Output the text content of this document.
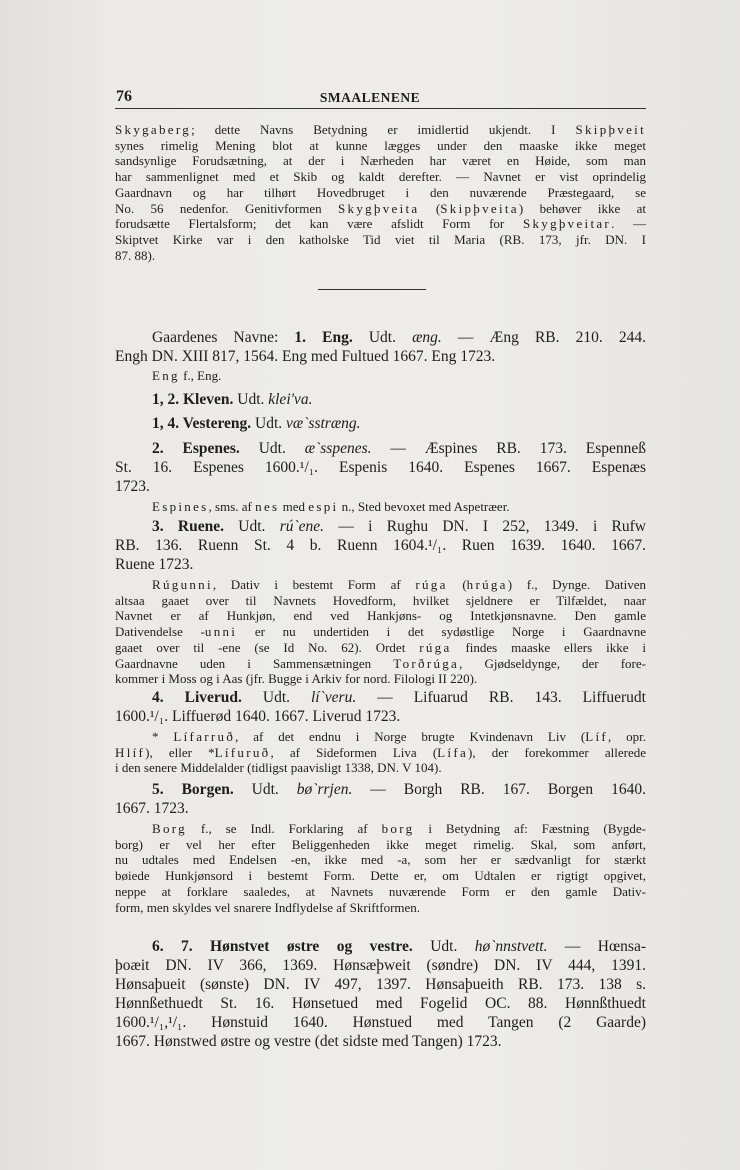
76	SMAALENENE
Skygaberg; dette Navns Betydning er imidlertid ukjendt. I Skipþveit
synes rimelig Mening blot at kunne lægges under den maaske ikke meget
sandsynlige Forudsætning, at der i Nærheden har været en Høide, som man
har sammenlignet med et Skib og kaldt derefter. — Navnet er vist oprindelig
Gaardnavn og har tilhørt Hovedbruget i den nuværende Præstegaard, se
No. 56 nedenfor. Genitivformen Skygþveita (Skipþveita) behøver ikke at
forudsætte Flertalsform; det kan være afslidt Form for Skygþveitar. —
Skiptvet Kirke var i den katholske Tid viet til Maria (RB. 173, jfr. DN. I
87. 88).
Gaardenes Navne: 1. Eng. Udt. æng. — Æng RB. 210. 244.
Engh DN. XIII 817, 1564. Eng med Fultued 1667. Eng 1723.
Eng f., Eng.
1, 2. Kleven. Udt. klei'va.
1, 4. Vestereng. Udt. væ`sstræng.
2. Espenes. Udt. æ`sspenes. — Æspines RB. 173. Espenneß
St. 16. Espenes 1600.¹/₁. Espenis 1640. Espenes 1667. Espenæs
1723.
Espines, sms. af nes med espi n., Sted bevoxet med Aspetræer.
3. Ruene. Udt. rú`ene. — i Rughu DN. I 252, 1349. i Rufw
RB. 136. Ruenn St. 4 b. Ruenn 1604.¹/₁. Ruen 1639. 1640. 1667.
Ruene 1723.
Rúgunni, Dativ i bestemt Form af rúga (hrúga) f., Dynge. Dativen
altsaa gaaet over til Navnets Hovedform, hvilket sjeldnere er Tilfældet, naar
Navnet er af Hunkjøn, end ved Hankjøns- og Intetkjønsnavne. Den gamle
Dativendelse -unni er nu undertiden i det sydøstlige Norge i Gaardnavne
gaaet over til -ene (se Id No. 62). Ordet rúga findes maaske ellers ikke i
Gaardnavne uden i Sammensætningen Torðrúga, Gjødseldynge, der fore-
kommer i Moss og i Aas (jfr. Bugge i Arkiv for nord. Filologi II 220).
4. Liverud. Udt. lí`veru. — Lifuarud RB. 143. Liffuerudt
1600.¹/₁. Liffuerød 1640. 1667. Liverud 1723.
* Lífarruð, af det endnu i Norge brugte Kvindenavn Liv (Líf, opr.
Hlíf), eller *Lífuruð, af Sideformen Liva (Lífa), der forekommer allerede
i den senere Middelalder (tidligst paavisligt 1338, DN. V 104).
5. Borgen. Udt. bø`rrjen. — Borgh RB. 167. Borgen 1640.
1667. 1723.
Borg f., se Indl. Forklaring af borg i Betydning af: Fæstning (Bygde-
borg) er vel her efter Beliggenheden ikke meget rimelig. Skal, som anført,
nu udtales med Endelsen -en, ikke med -a, som her er sædvanligt for stærkt
bøiede Hunkjønsord i bestemt Form. Dette er, om Udtalen er rigtigt opgivet,
neppe at forklare saaledes, at Navnets nuværende Form er den gamle Dativ-
form, men skyldes vel snarere Indflydelse af Skriftformen.
6. 7. Hønstvet østre og vestre. Udt. hø`nnstvett. — Hœnsa-
þoæit DN. IV 366, 1369. Hønsæþweit (søndre) DN. IV 444, 1391.
Hønsaþueit (sønste) DN. IV 497, 1397. Hønsaþueith RB. 173. 138 s.
Hønnßethuedt St. 16. Hønsetued med Fogelid OC. 88. Hønnßthuedt
1600.¹/₁,¹/₁. Hønstuid 1640. Hønstued med Tangen (2 Gaarde)
1667. Hønstwed østre og vestre (det sidste med Tangen) 1723.
